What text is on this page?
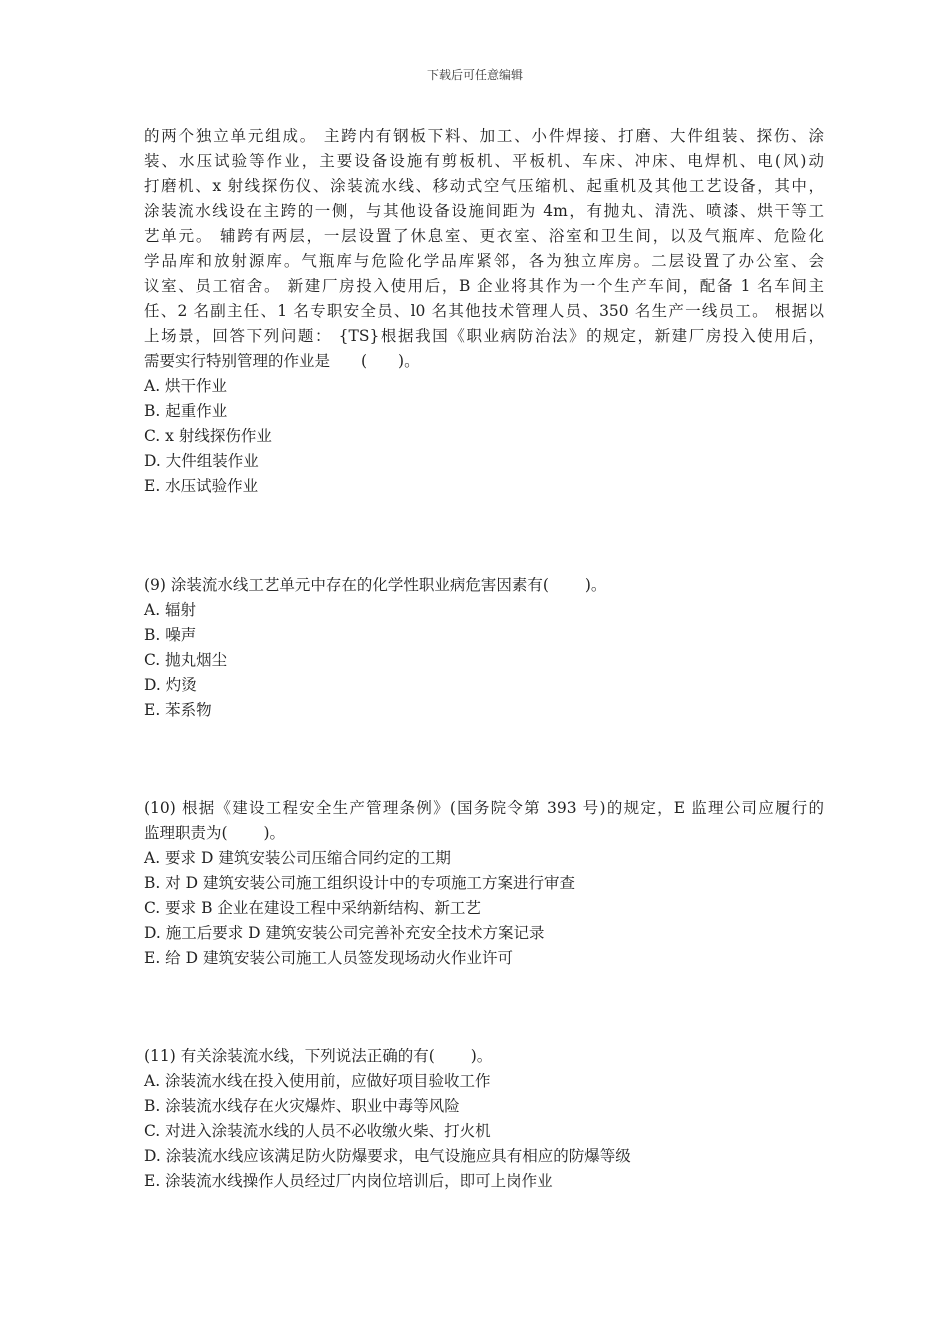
下载后可任意编辑
的两个独立单元组成。 主跨内有钢板下料、加工、小件焊接、打磨、大件组装、探伤、涂
装、水压试验等作业，主要设备设施有剪板机、平板机、车床、冲床、电焊机、电(风)动
打磨机、x 射线探伤仪、涂装流水线、移动式空气压缩机、起重机及其他工艺设备，其中，
涂装流水线设在主跨的一侧，与其他设备设施间距为 4m，有抛丸、清洗、喷漆、烘干等工
艺单元。 辅跨有两层，一层设置了休息室、更衣室、浴室和卫生间，以及气瓶库、危险化
学品库和放射源库。气瓶库与危险化学品库紧邻，各为独立库房。二层设置了办公室、会
议室、员工宿舍。 新建厂房投入使用后，B 企业将其作为一个生产车间，配备 1 名车间主
任、2 名副主任、1 名专职安全员、l0 名其他技术管理人员、350 名生产一线员工。 根据以
上场景，回答下列问题： {TS}根据我国《职业病防治法》的规定，新建厂房投入使用后，
需要实行特别管理的作业是　　(　　)。
A. 烘干作业
B. 起重作业
C. x 射线探伤作业
D. 大件组装作业
E. 水压试验作业
(9) 涂装流水线工艺单元中存在的化学性职业病危害因素有(　　 )。
A. 辐射
B. 噪声
C. 抛丸烟尘
D. 灼烫
E. 苯系物
(10) 根据《建设工程安全生产管理条例》(国务院令第 393 号)的规定，E 监理公司应履行的
监理职责为(　　 )。
A. 要求 D 建筑安装公司压缩合同约定的工期
B. 对 D 建筑安装公司施工组织设计中的专项施工方案进行审查
C. 要求 B 企业在建设工程中采纳新结构、新工艺
D. 施工后要求 D 建筑安装公司完善补充安全技术方案记录
E. 给 D 建筑安装公司施工人员签发现场动火作业许可
(11) 有关涂装流水线，下列说法正确的有(　　 )。
A. 涂装流水线在投入使用前，应做好项目验收工作
B. 涂装流水线存在火灾爆炸、职业中毒等风险
C. 对进入涂装流水线的人员不必收缴火柴、打火机
D. 涂装流水线应该满足防火防爆要求，电气设施应具有相应的防爆等级
E. 涂装流水线操作人员经过厂内岗位培训后，即可上岗作业
